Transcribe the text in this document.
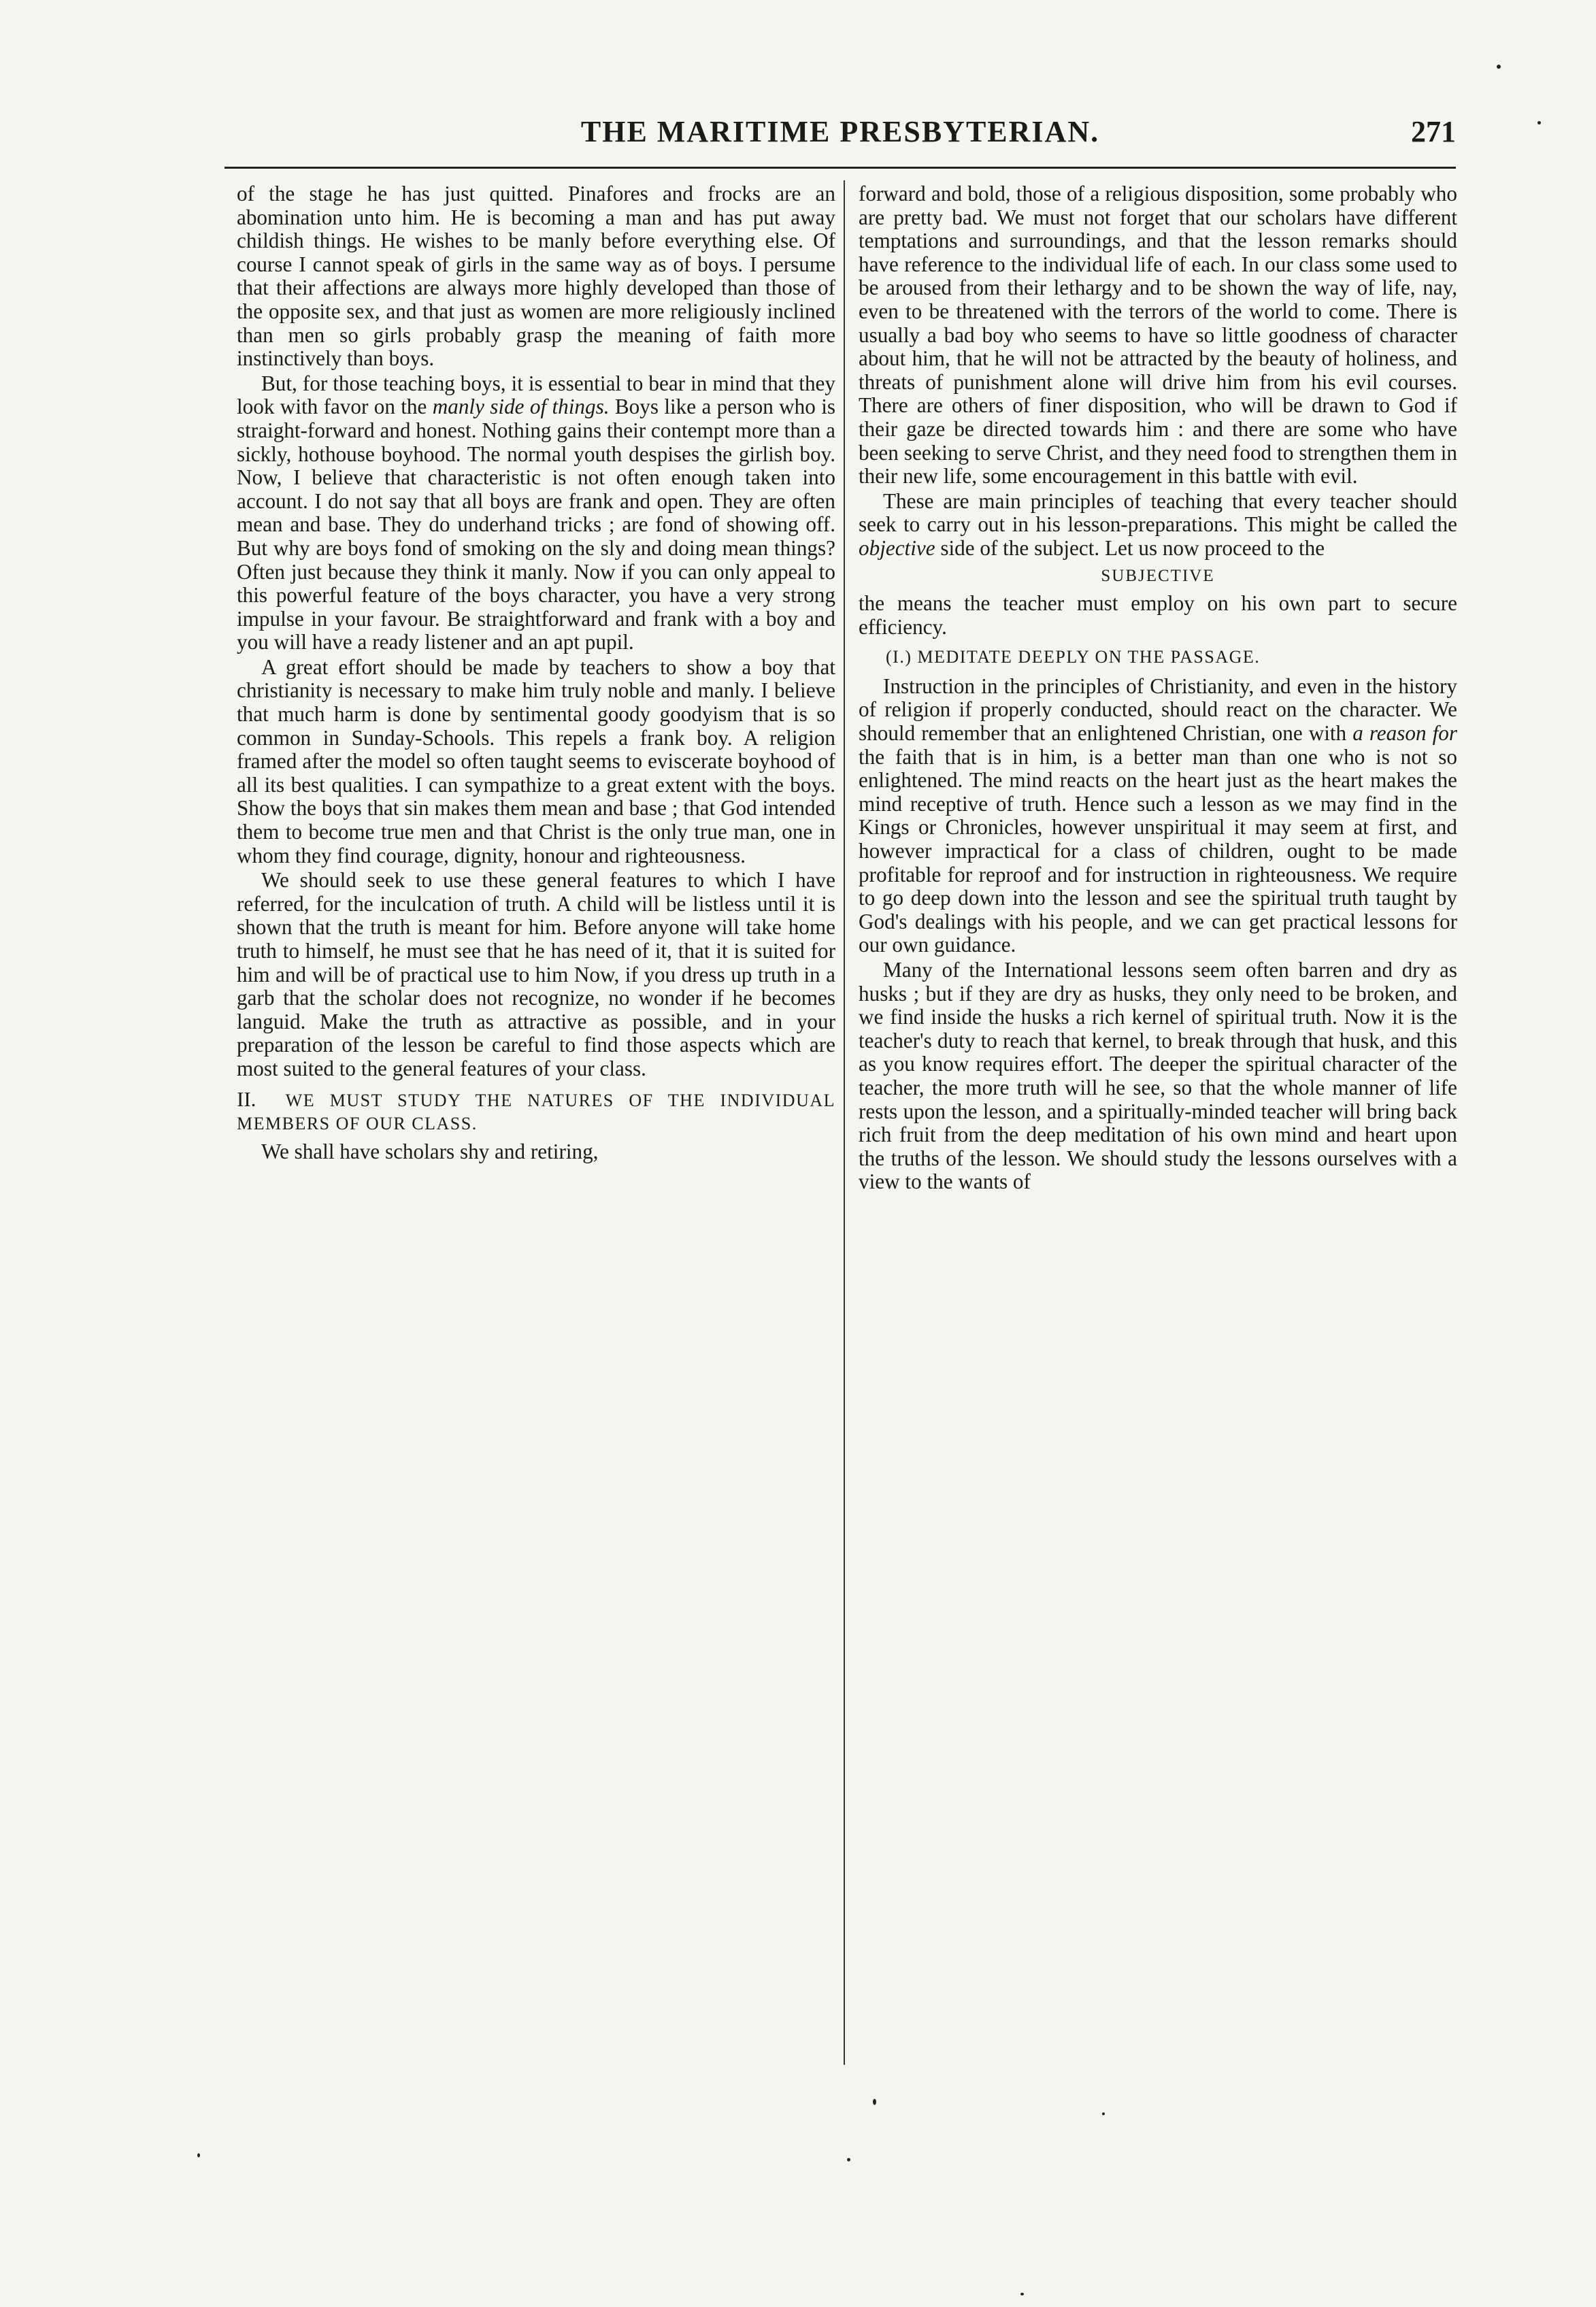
THE MARITIME PRESBYTERIAN.	271

of the stage he has just quitted. Pinafores and frocks are an abomination unto him. He is becoming a man and has put away childish things. He wishes to be manly before everything else. Of course I cannot speak of girls in the same way as of boys. I persume that their affections are always more highly developed than those of the opposite sex, and that just as women are more religiously inclined than men so girls probably grasp the meaning of faith more instinctively than boys.

But, for those teaching boys, it is essential to bear in mind that they look with favor on the manly side of things. Boys like a person who is straight-forward and honest. Nothing gains their contempt more than a sickly, hothouse boyhood. The normal youth despises the girlish boy. Now, I believe that characteristic is not often enough taken into account. I do not say that all boys are frank and open. They are often mean and base. They do underhand tricks ; are fond of showing off. But why are boys fond of smoking on the sly and doing mean things? Often just because they think it manly. Now if you can only appeal to this powerful feature of the boys character, you have a very strong impulse in your favour. Be straightforward and frank with a boy and you will have a ready listener and an apt pupil.

A great effort should be made by teachers to show a boy that christianity is necessary to make him truly noble and manly. I believe that much harm is done by sentimental goody goodyism that is so common in Sunday-Schools. This repels a frank boy. A religion framed after the model so often taught seems to eviscerate boyhood of all its best qualities. I can sympathize to a great extent with the boys. Show the boys that sin makes them mean and base ; that God intended them to become true men and that Christ is the only true man, one in whom they find courage, dignity, honour and righteousness.

We should seek to use these general features to which I have referred, for the inculcation of truth. A child will be listless until it is shown that the truth is meant for him. Before anyone will take home truth to himself, he must see that he has need of it, that it is suited for him and will be of practical use to him Now, if you dress up truth in a garb that the scholar does not recognize, no wonder if he becomes languid. Make the truth as attractive as possible, and in your preparation of the lesson be careful to find those aspects which are most suited to the general features of your class.

II. WE MUST STUDY THE NATURES OF THE INDIVIDUAL MEMBERS OF OUR CLASS.

We shall have scholars shy and retiring,

forward and bold, those of a religious disposition, some probably who are pretty bad. We must not forget that our scholars have different temptations and surroundings, and that the lesson remarks should have reference to the individual life of each. In our class some used to be aroused from their lethargy and to be shown the way of life, nay, even to be threatened with the terrors of the world to come. There is usually a bad boy who seems to have so little goodness of character about him, that he will not be attracted by the beauty of holiness, and threats of punishment alone will drive him from his evil courses. There are others of finer disposition, who will be drawn to God if their gaze be directed towards him : and there are some who have been seeking to serve Christ, and they need food to strengthen them in their new life, some encouragement in this battle with evil.

These are main principles of teaching that every teacher should seek to carry out in his lesson-preparations. This might be called the objective side of the subject. Let us now proceed to the

SUBJECTIVE

the means the teacher must employ on his own part to secure efficiency.

(I.) MEDITATE DEEPLY ON THE PASSAGE.

Instruction in the principles of Christianity, and even in the history of religion if properly conducted, should react on the character. We should remember that an enlightened Christian, one with a reason for the faith that is in him, is a better man than one who is not so enlightened. The mind reacts on the heart just as the heart makes the mind receptive of truth. Hence such a lesson as we may find in the Kings or Chronicles, however unspiritual it may seem at first, and however impractical for a class of children, ought to be made profitable for reproof and for instruction in righteousness. We require to go deep down into the lesson and see the spiritual truth taught by God's dealings with his people, and we can get practical lessons for our own guidance.

Many of the International lessons seem often barren and dry as husks ; but if they are dry as husks, they only need to be broken, and we find inside the husks a rich kernel of spiritual truth. Now it is the teacher's duty to reach that kernel, to break through that husk, and this as you know requires effort. The deeper the spiritual character of the teacher, the more truth will he see, so that the whole manner of life rests upon the lesson, and a spiritually-minded teacher will bring back rich fruit from the deep meditation of his own mind and heart upon the truths of the lesson. We should study the lessons ourselves with a view to the wants of
